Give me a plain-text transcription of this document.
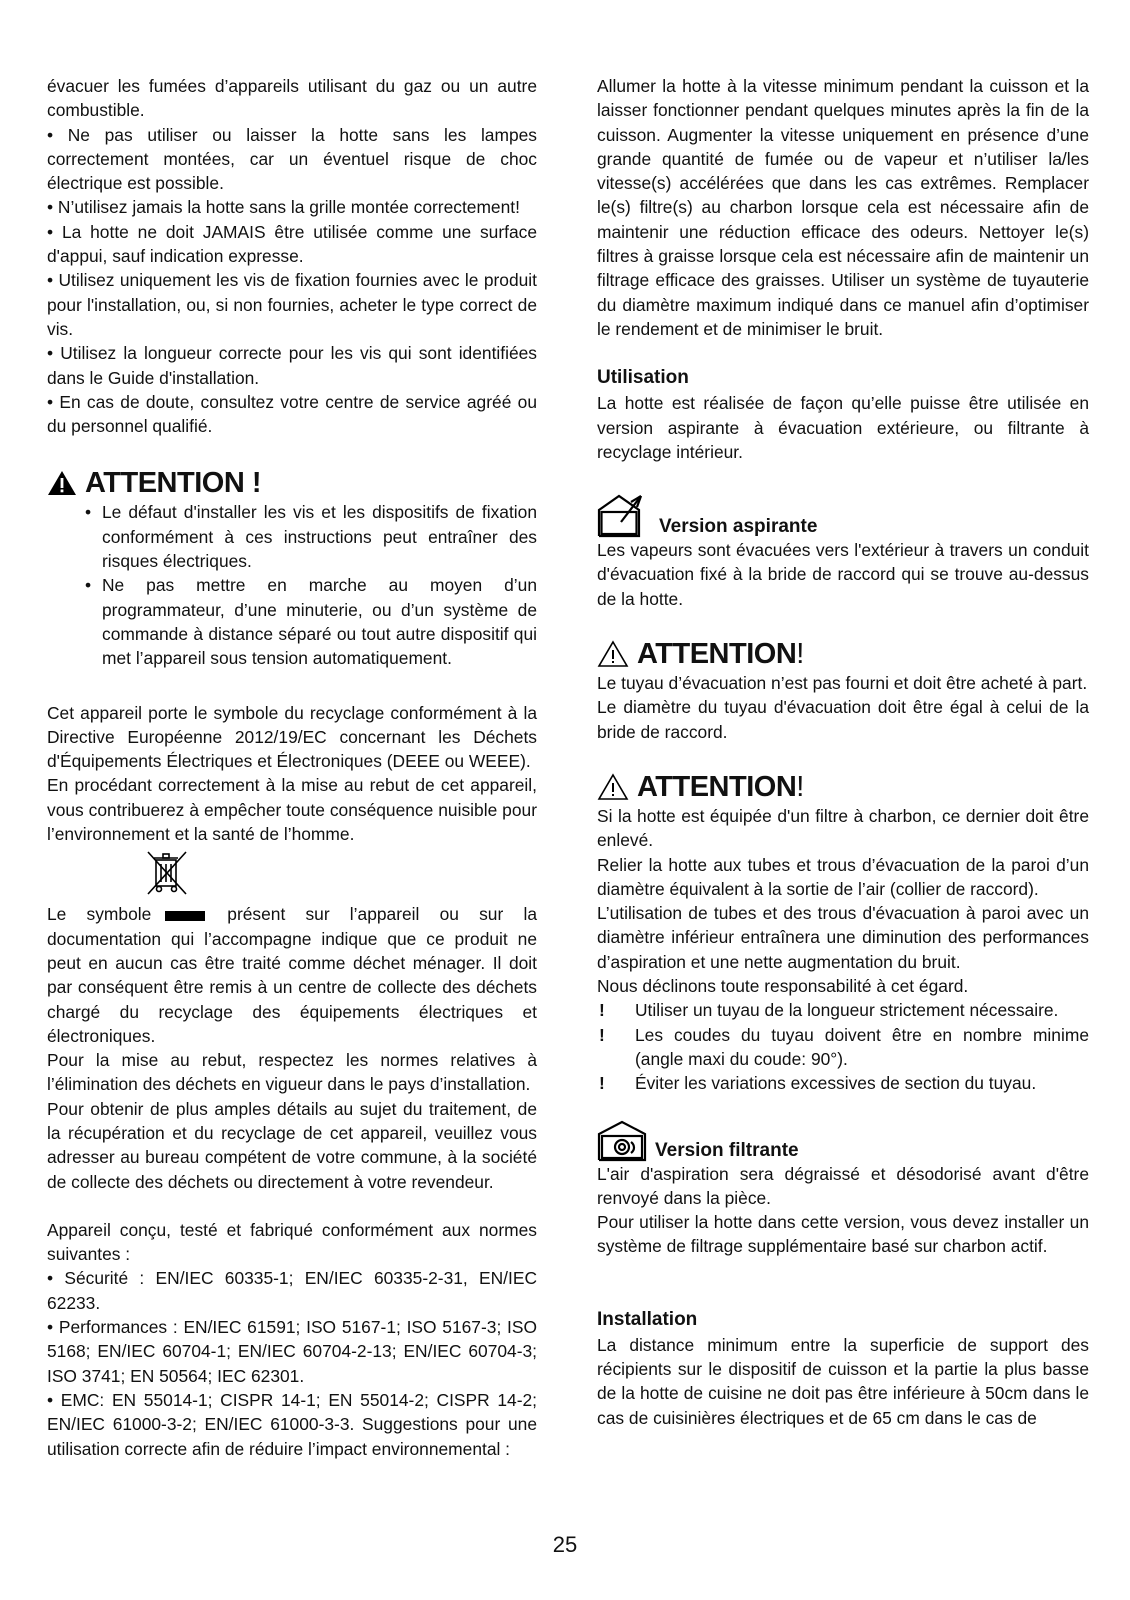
évacuer les fumées d’appareils utilisant du gaz ou un autre combustible.

• Ne pas utiliser ou laisser la hotte sans les lampes correctement montées, car un éventuel risque de choc électrique est possible.

• N’utilisez jamais la hotte sans la grille montée correctement!

• La hotte ne doit JAMAIS être utilisée comme une surface d'appui, sauf indication expresse.

• Utilisez uniquement les vis de fixation fournies avec le produit pour l'installation, ou, si non fournies, acheter le type correct de vis.

• Utilisez la longueur correcte pour les vis qui sont identifiées dans le Guide d'installation.

• En cas de doute, consultez votre centre de service agréé ou du personnel qualifié.

ATTENTION !
• Le défaut d'installer les vis et les dispositifs de fixation conformément à ces instructions peut entraîner des risques électriques.
• Ne pas mettre en marche au moyen d’un programmateur, d’une minuterie, ou d’un système de commande à distance séparé ou tout autre dispositif qui met l’appareil sous tension automatiquement.

Cet appareil porte le symbole du recyclage conformément à la Directive Européenne 2012/19/EC concernant les Déchets d'Équipements Électriques et Électroniques (DEEE ou WEEE).

En procédant correctement à la mise au rebut de cet appareil, vous contribuerez à empêcher toute conséquence nuisible pour l’environnement et la santé de l’homme.

Le symbole	présent sur l’appareil ou sur la documentation qui l’accompagne indique que ce produit ne peut en aucun cas être traité comme déchet ménager. Il doit par conséquent être remis à un centre de collecte des déchets chargé du recyclage des équipements électriques et électroniques.

Pour la mise au rebut, respectez les normes relatives à l’élimination des déchets en vigueur dans le pays d’installation.

Pour obtenir de plus amples détails au sujet du traitement, de la récupération et du recyclage de cet appareil, veuillez vous adresser au bureau compétent de votre commune, à la société de collecte des déchets ou directement à votre revendeur.

Appareil conçu, testé et fabriqué conformément aux normes suivantes :

• Sécurité : EN/IEC 60335-1; EN/IEC 60335-2-31, EN/IEC 62233.

• Performances : EN/IEC 61591; ISO 5167-1; ISO 5167-3; ISO 5168; EN/IEC 60704-1; EN/IEC 60704-2-13; EN/IEC 60704-3; ISO 3741; EN 50564; IEC 62301.

• EMC: EN 55014-1; CISPR 14-1; EN 55014-2; CISPR 14-2; EN/IEC 61000-3-2; EN/IEC 61000-3-3. Suggestions pour une utilisation correcte afin de réduire l’impact environnemental :

Allumer la hotte à la vitesse minimum pendant la cuisson et la laisser fonctionner pendant quelques minutes après la fin de la cuisson. Augmenter la vitesse uniquement en présence d’une grande quantité de fumée ou de vapeur et n’utiliser la/les vitesse(s) accélérées que dans les cas extrêmes. Remplacer le(s) filtre(s) au charbon lorsque cela est nécessaire afin de maintenir une réduction efficace des odeurs. Nettoyer le(s) filtres à graisse lorsque cela est nécessaire afin de maintenir un filtrage efficace des graisses. Utiliser un système de tuyauterie du diamètre maximum indiqué dans ce manuel afin d’optimiser le rendement et de minimiser le bruit.

Utilisation

La hotte est réalisée de façon qu’elle puisse être utilisée en version aspirante à évacuation extérieure, ou filtrante à recyclage intérieur.

Version aspirante

Les vapeurs sont évacuées vers l'extérieur à travers un conduit d'évacuation fixé à la bride de raccord qui se trouve au-dessus de la hotte.

ATTENTION !

Le tuyau d’évacuation n’est pas fourni et doit être acheté à part.

Le diamètre du tuyau d'évacuation doit être égal à celui de la bride de raccord.

ATTENTION !

Si la hotte est équipée d'un filtre à charbon, ce dernier doit être enlevé.

Relier la hotte aux tubes et trous d’évacuation de la paroi d’un diamètre équivalent à la sortie de l’air (collier de raccord).

L’utilisation de tubes et des trous d'évacuation à paroi avec un diamètre inférieur entraînera une diminution des performances d’aspiration et une nette augmentation du bruit.

Nous déclinons toute responsabilité à cet égard.

! Utiliser un tuyau de la longueur strictement nécessaire.
! Les coudes du tuyau doivent être en nombre minime (angle maxi du coude: 90°).
! Éviter les variations excessives de section du tuyau.

Version filtrante

L'air d'aspiration sera dégraissé et désodorisé avant d'être renvoyé dans la pièce.

Pour utiliser la hotte dans cette version, vous devez installer un système de filtrage supplémentaire basé sur charbon actif.

Installation

La distance minimum entre la superficie de support des récipients sur le dispositif de cuisson et la partie la plus basse de la hotte de cuisine ne doit pas être inférieure à 50cm dans le cas de cuisinières électriques et de 65 cm dans le cas de

25
